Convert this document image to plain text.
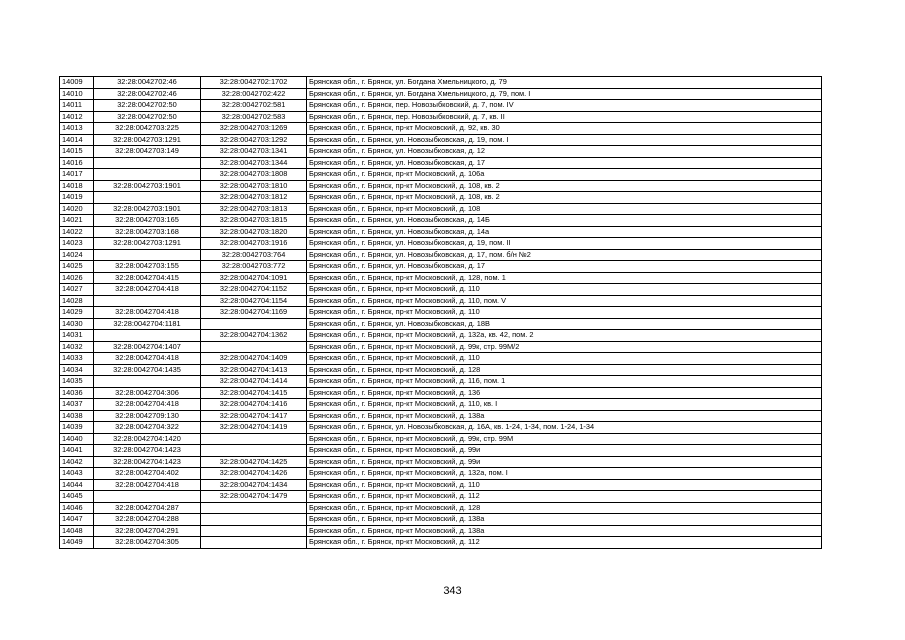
14009	32:28:0042702:46	32:28:0042702:1702	Брянская обл., г. Брянск, ул. Богдана Хмельницкого, д. 79
14010	32:28:0042702:46	32:28:0042702:422	Брянская обл., г. Брянск, ул. Богдана Хмельницкого, д. 79, пом. I
14011	32:28:0042702:50	32:28:0042702:581	Брянская обл., г. Брянск, пер. Новозыбковский, д. 7, пом. IV
14012	32:28:0042702:50	32:28:0042702:583	Брянская обл., г. Брянск, пер. Новозыбковский, д. 7, кв. II
14013	32:28:0042703:225	32:28:0042703:1269	Брянская обл., г. Брянск, пр-кт Московский, д. 92, кв. 30
14014	32:28:0042703:1291	32:28:0042703:1292	Брянская обл., г. Брянск, ул. Новозыбковская, д. 19, пом. I
14015	32:28:0042703:149	32:28:0042703:1341	Брянская обл., г. Брянск, ул. Новозыбковская, д. 12
14016		32:28:0042703:1344	Брянская обл., г. Брянск, ул. Новозыбковская, д. 17
14017		32:28:0042703:1808	Брянская обл., г. Брянск, пр-кт Московский, д. 106а
14018	32:28:0042703:1901	32:28:0042703:1810	Брянская обл., г. Брянск, пр-кт Московский, д. 108, кв. 2
14019		32:28:0042703:1812	Брянская обл., г. Брянск, пр-кт Московский, д. 108, кв. 2
14020	32:28:0042703:1901	32:28:0042703:1813	Брянская обл., г. Брянск, пр-кт Московский, д. 108
14021	32:28:0042703:165	32:28:0042703:1815	Брянская обл., г. Брянск, ул. Новозыбковская, д. 14Б
14022	32:28:0042703:168	32:28:0042703:1820	Брянская обл., г. Брянск, ул. Новозыбковская, д. 14а
14023	32:28:0042703:1291	32:28:0042703:1916	Брянская обл., г. Брянск, ул. Новозыбковская, д. 19, пом. II
14024		32:28:0042703:764	Брянская обл., г. Брянск, ул. Новозыбковская, д. 17, пом. б/н №2
14025	32:28:0042703:155	32:28:0042703:772	Брянская обл., г. Брянск, ул. Новозыбковская, д. 17
14026	32:28:0042704:415	32:28:0042704:1091	Брянская обл., г. Брянск, пр-кт Московский, д. 128, пом. 1
14027	32:28:0042704:418	32:28:0042704:1152	Брянская обл., г. Брянск, пр-кт Московский, д. 110
14028		32:28:0042704:1154	Брянская обл., г. Брянск, пр-кт Московский, д. 110, пом. V
14029	32:28:0042704:418	32:28:0042704:1169	Брянская обл., г. Брянск, пр-кт Московский, д. 110
14030	32:28:0042704:1181		Брянская обл., г. Брянск, ул. Новозыбковская, д. 18В
14031		32:28:0042704:1362	Брянская обл., г. Брянск, пр-кт Московский, д. 132а, кв. 42, пом. 2
14032	32:28:0042704:1407		Брянская обл., г. Брянск, пр-кт Московский, д. 99к, стр. 99М/2
14033	32:28:0042704:418	32:28:0042704:1409	Брянская обл., г. Брянск, пр-кт Московский, д. 110
14034	32:28:0042704:1435	32:28:0042704:1413	Брянская обл., г. Брянск, пр-кт Московский, д. 128
14035		32:28:0042704:1414	Брянская обл., г. Брянск, пр-кт Московский, д. 116, пом. 1
14036	32:28:0042704:306	32:28:0042704:1415	Брянская обл., г. Брянск, пр-кт Московский, д. 136
14037	32:28:0042704:418	32:28:0042704:1416	Брянская обл., г. Брянск, пр-кт Московский, д. 110, кв. I
14038	32:28:0042709:130	32:28:0042704:1417	Брянская обл., г. Брянск, пр-кт Московский, д. 138а
14039	32:28:0042704:322	32:28:0042704:1419	Брянская обл., г. Брянск, ул. Новозыбковская, д. 16А, кв. 1-24, 1-34, пом. 1-24, 1-34
14040	32:28:0042704:1420		Брянская обл., г. Брянск, пр-кт Московский, д. 99к, стр. 99М
14041	32:28:0042704:1423		Брянская обл., г. Брянск, пр-кт Московский, д. 99и
14042	32:28:0042704:1423	32:28:0042704:1425	Брянская обл., г. Брянск, пр-кт Московский, д. 99и
14043	32:28:0042704:402	32:28:0042704:1426	Брянская обл., г. Брянск, пр-кт Московский, д. 132а, пом. I
14044	32:28:0042704:418	32:28:0042704:1434	Брянская обл., г. Брянск, пр-кт Московский, д. 110
14045		32:28:0042704:1479	Брянская обл., г. Брянск, пр-кт Московский, д. 112
14046	32:28:0042704:287		Брянская обл., г. Брянск, пр-кт Московский, д. 128
14047	32:28:0042704:288		Брянская обл., г. Брянск, пр-кт Московский, д. 138а
14048	32:28:0042704:291		Брянская обл., г. Брянск, пр-кт Московский, д. 138а
14049	32:28:0042704:305		Брянская обл., г. Брянск, пр-кт Московский, д. 112
343
